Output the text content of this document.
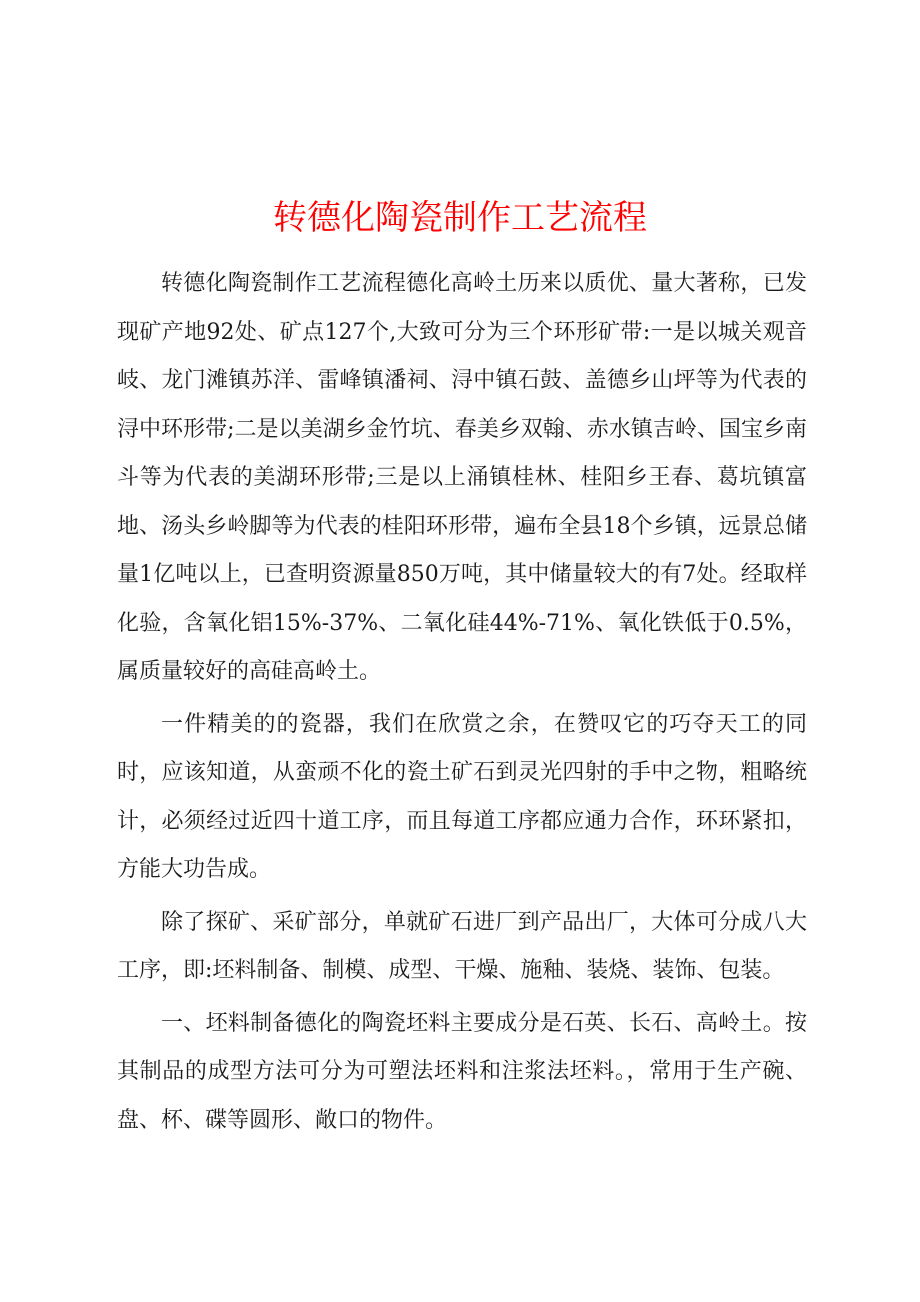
转德化陶瓷制作工艺流程

转德化陶瓷制作工艺流程德化高岭土历来以质优、量大著称，已发现矿产地92处、矿点127个,大致可分为三个环形矿带:一是以城关观音岐、龙门滩镇苏洋、雷峰镇潘祠、浔中镇石鼓、盖德乡山坪等为代表的浔中环形带;二是以美湖乡金竹坑、春美乡双翰、赤水镇吉岭、国宝乡南斗等为代表的美湖环形带;三是以上涌镇桂林、桂阳乡王春、葛坑镇富地、汤头乡岭脚等为代表的桂阳环形带，遍布全县18个乡镇，远景总储量1亿吨以上，已查明资源量850万吨，其中储量较大的有7处。经取样化验，含氧化铝15%-37%、二氧化硅44%-71%、氧化铁低于0.5%，属质量较好的高硅高岭土。

一件精美的的瓷器，我们在欣赏之余，在赞叹它的巧夺天工的同时，应该知道，从蛮顽不化的瓷土矿石到灵光四射的手中之物，粗略统计，必须经过近四十道工序，而且每道工序都应通力合作，环环紧扣，方能大功告成。

除了探矿、采矿部分，单就矿石进厂到产品出厂，大体可分成八大工序，即:坯料制备、制模、成型、干燥、施釉、装烧、装饰、包装。

一、坯料制备德化的陶瓷坯料主要成分是石英、长石、高岭土。按其制品的成型方法可分为可塑法坯料和注浆法坯料。，常用于生产碗、盘、杯、碟等圆形、敞口的物件。
